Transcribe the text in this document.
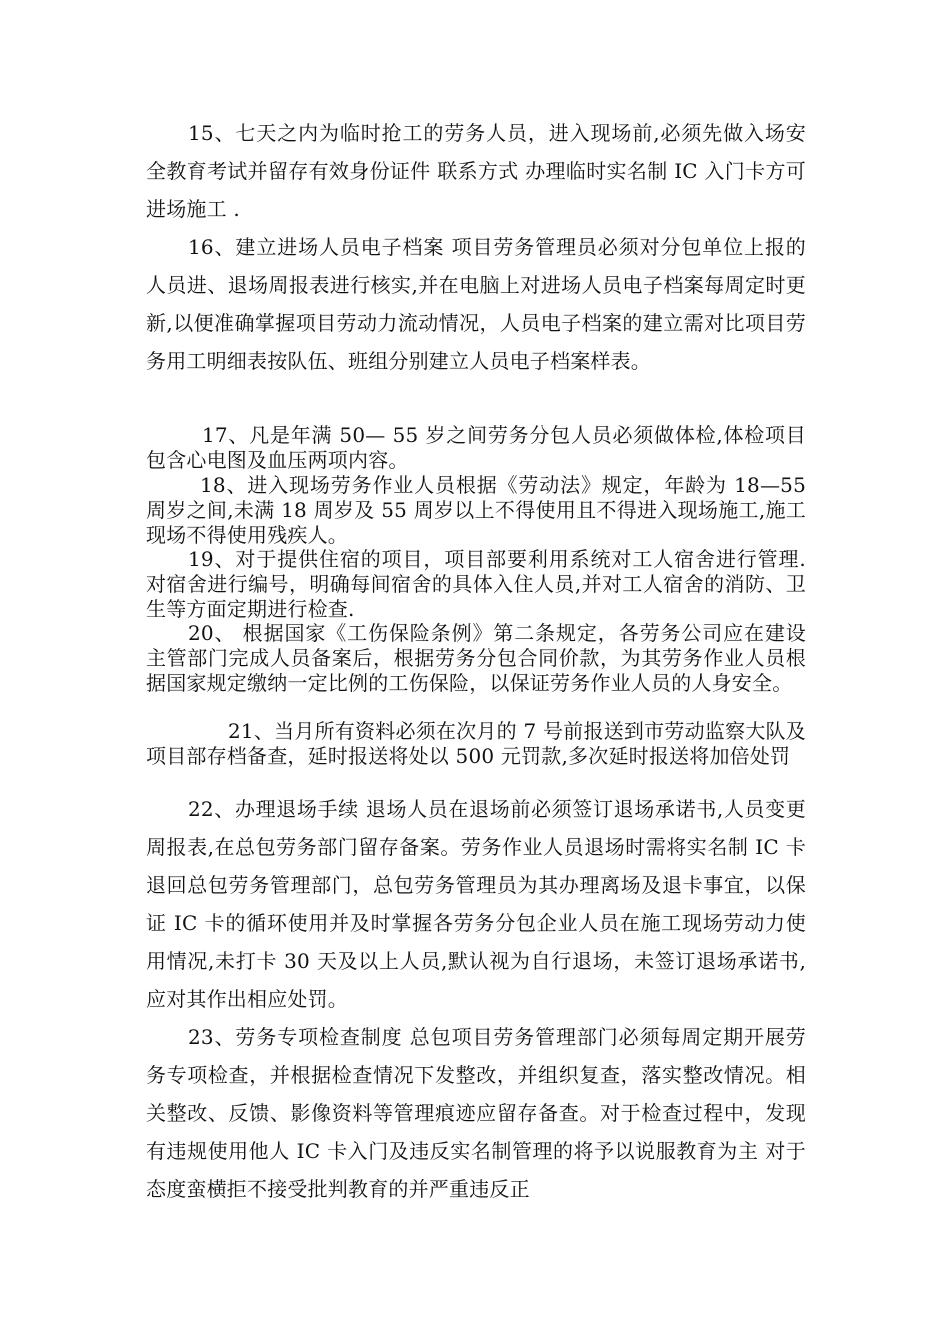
15、七天之内为临时抢工的劳务人员，进入现场前,必须先做入场安全教育考试并留存有效身份证件 联系方式 办理临时实名制 IC 入门卡方可进场施工 .

16、建立进场人员电子档案 项目劳务管理员必须对分包单位上报的人员进、退场周报表进行核实,并在电脑上对进场人员电子档案每周定时更新,以便准确掌握项目劳动力流动情况，人员电子档案的建立需对比项目劳务用工明细表按队伍、班组分别建立人员电子档案样表。

17、凡是年满 50— 55 岁之间劳务分包人员必须做体检,体检项目包含心电图及血压两项内容。

18、进入现场劳务作业人员根据《劳动法》规定，年龄为 18—55 周岁之间,未满 18 周岁及 55 周岁以上不得使用且不得进入现场施工,施工现场不得使用残疾人。

19、对于提供住宿的项目，项目部要利用系统对工人宿舍进行管理.对宿舍进行编号，明确每间宿舍的具体入住人员,并对工人宿舍的消防、卫生等方面定期进行检查.

20、 根据国家《工伤保险条例》第二条规定，各劳务公司应在建设主管部门完成人员备案后，根据劳务分包合同价款，为其劳务作业人员根据国家规定缴纳一定比例的工伤保险，以保证劳务作业人员的人身安全。

21、当月所有资料必须在次月的 7 号前报送到市劳动监察大队及项目部存档备查，延时报送将处以 500 元罚款,多次延时报送将加倍处罚

22、办理退场手续 退场人员在退场前必须签订退场承诺书,人员变更周报表,在总包劳务部门留存备案。劳务作业人员退场时需将实名制 IC 卡退回总包劳务管理部门，总包劳务管理员为其办理离场及退卡事宜，以保证 IC 卡的循环使用并及时掌握各劳务分包企业人员在施工现场劳动力使用情况,未打卡 30 天及以上人员,默认视为自行退场，未签订退场承诺书,应对其作出相应处罚。

23、劳务专项检查制度 总包项目劳务管理部门必须每周定期开展劳务专项检查，并根据检查情况下发整改，并组织复查，落实整改情况。相关整改、反馈、影像资料等管理痕迹应留存备查。对于检查过程中，发现有违规使用他人 IC 卡入门及违反实名制管理的将予以说服教育为主 对于态度蛮横拒不接受批判教育的并严重违反正
